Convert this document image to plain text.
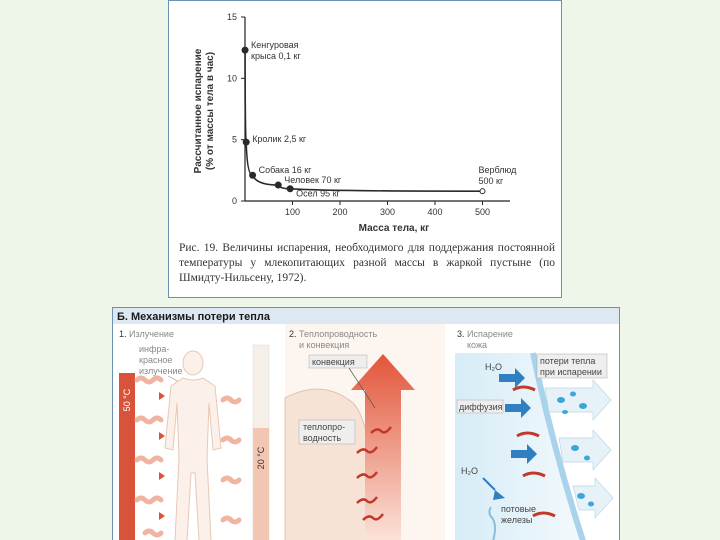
0
5
10
15
100	200	300	400	500
Кенгуровая
крыса 0,1 кг
Кролик 2,5 кг
Собака 16 кг
Человек 70 кг
Осел 95 кг
Верблюд
500 кг
Рассчитанное испарение (% от массы тела в час)
Масса тела, кг
Рис. 19. Величины испарения, необходимого для поддержания постоянной температуры у млекопитающих разной массы в жаркой пустыне (по Шмидту-Нильсену, 1972).
Б. Механизмы потери тепла
1. Излучение
инфра-
красное
излучение
50 °C
20 °C
2. Теплопроводность
и конвекция
конвекция
теплопро-
водность
3. Испарение
кожа
H₂O
потери тепла
при испарении
диффузия
H₂O
потовые
железы
